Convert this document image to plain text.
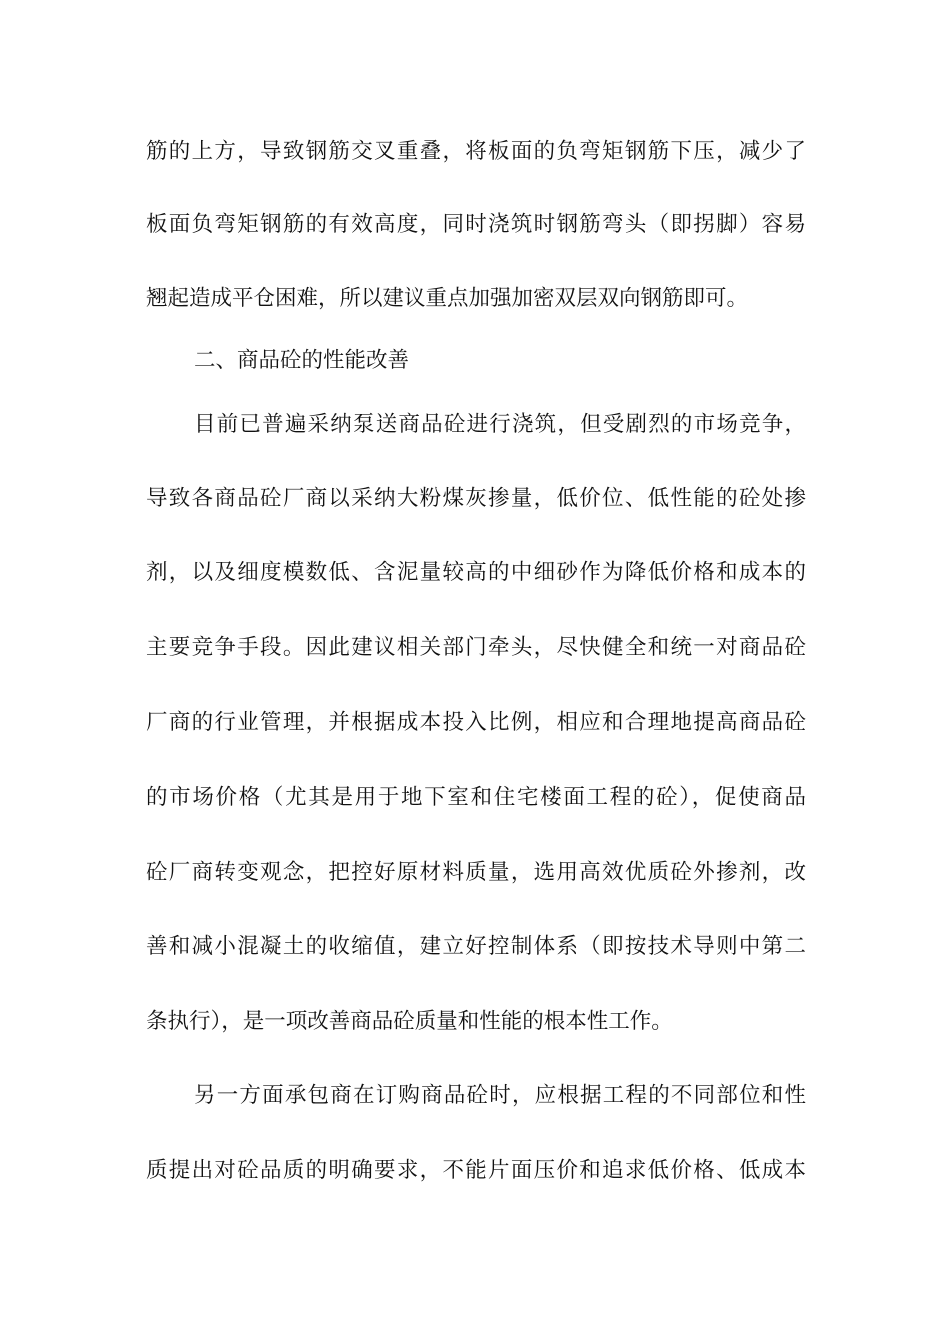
筋的上方，导致钢筋交叉重叠，将板面的负弯矩钢筋下压，减少了
板面负弯矩钢筋的有效高度，同时浇筑时钢筋弯头（即拐脚）容易
翘起造成平仓困难，所以建议重点加强加密双层双向钢筋即可。
二、商品砼的性能改善
目前已普遍采纳泵送商品砼进行浇筑，但受剧烈的市场竞争，
导致各商品砼厂商以采纳大粉煤灰掺量，低价位、低性能的砼处掺
剂，以及细度模数低、含泥量较高的中细砂作为降低价格和成本的
主要竞争手段。因此建议相关部门牵头，尽快健全和统一对商品砼
厂商的行业管理，并根据成本投入比例，相应和合理地提高商品砼
的市场价格（尤其是用于地下室和住宅楼面工程的砼），促使商品
砼厂商转变观念，把控好原材料质量，选用高效优质砼外掺剂，改
善和减小混凝土的收缩值，建立好控制体系（即按技术导则中第二
条执行），是一项改善商品砼质量和性能的根本性工作。
另一方面承包商在订购商品砼时，应根据工程的不同部位和性
质提出对砼品质的明确要求，不能片面压价和追求低价格、低成本
